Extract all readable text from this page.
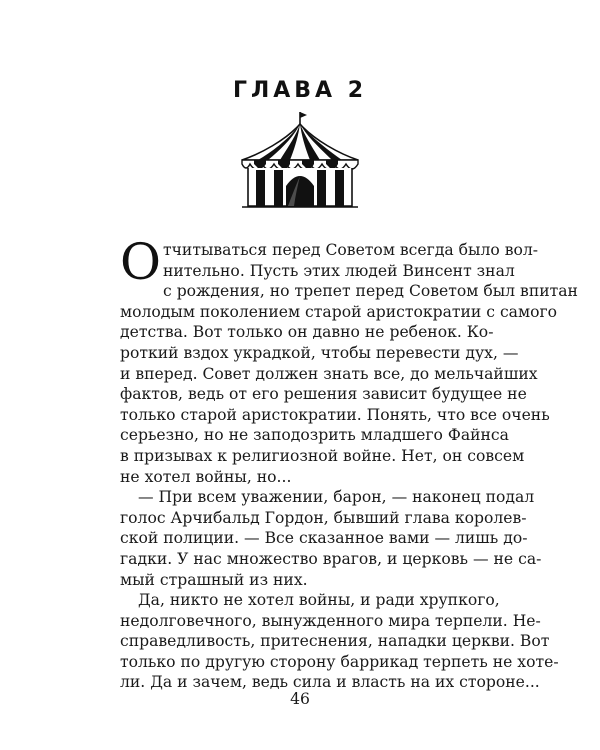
ГЛАВА 2
О тчитываться перед Советом всегда было вол-
нительно. Пусть этих людей Винсент знал
с рождения, но трепет перед Советом был впитан
молодым поколением старой аристократии с самого
детства. Вот только он давно не ребенок. Ко-
роткий вздох украдкой, чтобы перевести дух, —
и вперед. Совет должен знать все, до мельчайших
фактов, ведь от его решения зависит будущее не
только старой аристократии. Понять, что все очень
серьезно, но не заподозрить младшего Файнса
в призывах к религиозной войне. Нет, он совсем
не хотел войны, но...
— При всем уважении, барон, — наконец подал
голос Арчибальд Гордон, бывший глава королев-
ской полиции. — Все сказанное вами — лишь до-
гадки. У нас множество врагов, и церковь — не са-
мый страшный из них.
Да, никто не хотел войны, и ради хрупкого,
недолговечного, вынужденного мира терпели. Не-
справедливость, притеснения, нападки церкви. Вот
только по другую сторону баррикад терпеть не хоте-
ли. Да и зачем, ведь сила и власть на их стороне...
46
